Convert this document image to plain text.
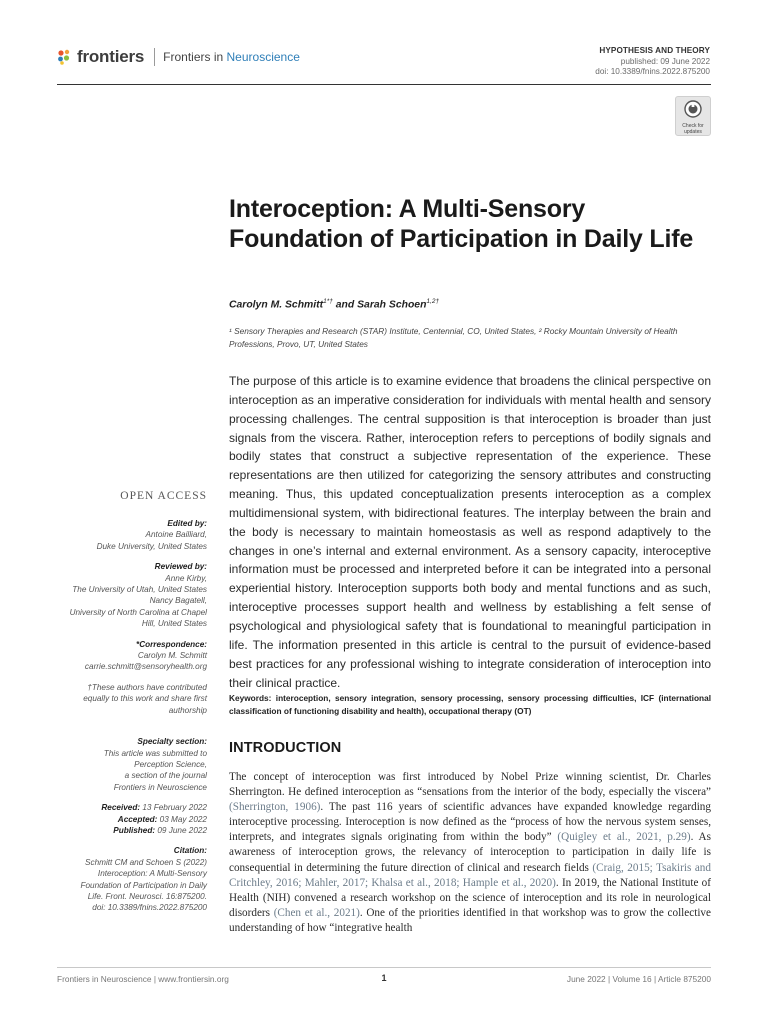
frontiers Frontiers in Neuroscience	HYPOTHESIS AND THEORY
published: 09 June 2022
doi: 10.3389/fnins.2022.875200
Check for
updates
Interoception: A Multi-Sensory Foundation of Participation in Daily Life
Carolyn M. Schmitt$^{1*\dagger}$ and Sarah Schoen$^{1,2\dagger}$
¹ Sensory Therapies and Research (STAR) Institute, Centennial, CO, United States, ² Rocky Mountain University of Health Professions, Provo, UT, United States

The purpose of this article is to examine evidence that broadens the clinical perspective on interoception as an imperative consideration for individuals with mental health and sensory processing challenges. The central supposition is that interoception is broader than just signals from the viscera. Rather, interoception refers to perceptions of bodily signals and bodily states that construct a subjective representation of the experience. These representations are then utilized for categorizing the sensory attributes and constructing meaning. Thus, this updated conceptualization presents interoception as a complex multidimensional system, with bidirectional features. The interplay between the brain and the body is necessary to maintain homeostasis as well as respond adaptively to the changes in one’s internal and external environment. As a sensory capacity, interoceptive information must be processed and interpreted before it can be integrated into a personal experiential history. Interoception supports both body and mental functions and as such, interoceptive processes support health and wellness by establishing a felt sense of psychological and physiological safety that is foundational to meaningful participation in life. The information presented in this article is central to the pursuit of evidence-based best practices for any professional wishing to integrate consideration of interoception into their clinical practice.

Keywords: interoception, sensory integration, sensory processing, sensory processing difficulties, ICF (international classification of functioning disability and health), occupational therapy (OT)
OPEN ACCESS
Edited by:
Antoine Bailliard,
Duke University, United States
Reviewed by:
Anne Kirby,
The University of Utah, United States
Nancy Bagatell,
University of North Carolina at Chapel
Hill, United States
*Correspondence:
Carolyn M. Schmitt
carrie.schmitt@sensoryhealth.org
†These authors have contributed
equally to this work and share first
authorship
Specialty section:
This article was submitted to
Perception Science,
a section of the journal
Frontiers in Neuroscience
Received: 13 February 2022
Accepted: 03 May 2022
Published: 09 June 2022
Citation:
Schmitt CM and Schoen S (2022)
Interoception: A Multi-Sensory
Foundation of Participation in Daily
Life. Front. Neurosci. 16:875200.
doi: 10.3389/fnins.2022.875200
INTRODUCTION

The concept of interoception was first introduced by Nobel Prize winning scientist, Dr. Charles Sherrington. He defined interoception as “sensations from the interior of the body, especially the viscera” (Sherrington, 1906). The past 116 years of scientific advances have expanded knowledge regarding interoceptive processing. Interoception is now defined as the “process of how the nervous system senses, interprets, and integrates signals originating from within the body” (Quigley et al., 2021, p.29). As awareness of interoception grows, the relevancy of interoception to participation in daily life is consequential in determining the future direction of clinical and research fields (Craig, 2015; Tsakiris and Critchley, 2016; Mahler, 2017; Khalsa et al., 2018; Hample et al., 2020). In 2019, the National Institute of Health (NIH) convened a research workshop on the science of interoception and its role in neurological disorders (Chen et al., 2021). One of the priorities identified in that workshop was to grow the collective understanding of how “integrative health

Frontiers in Neuroscience | www.frontiersin.org	1	June 2022 | Volume 16 | Article 875200
